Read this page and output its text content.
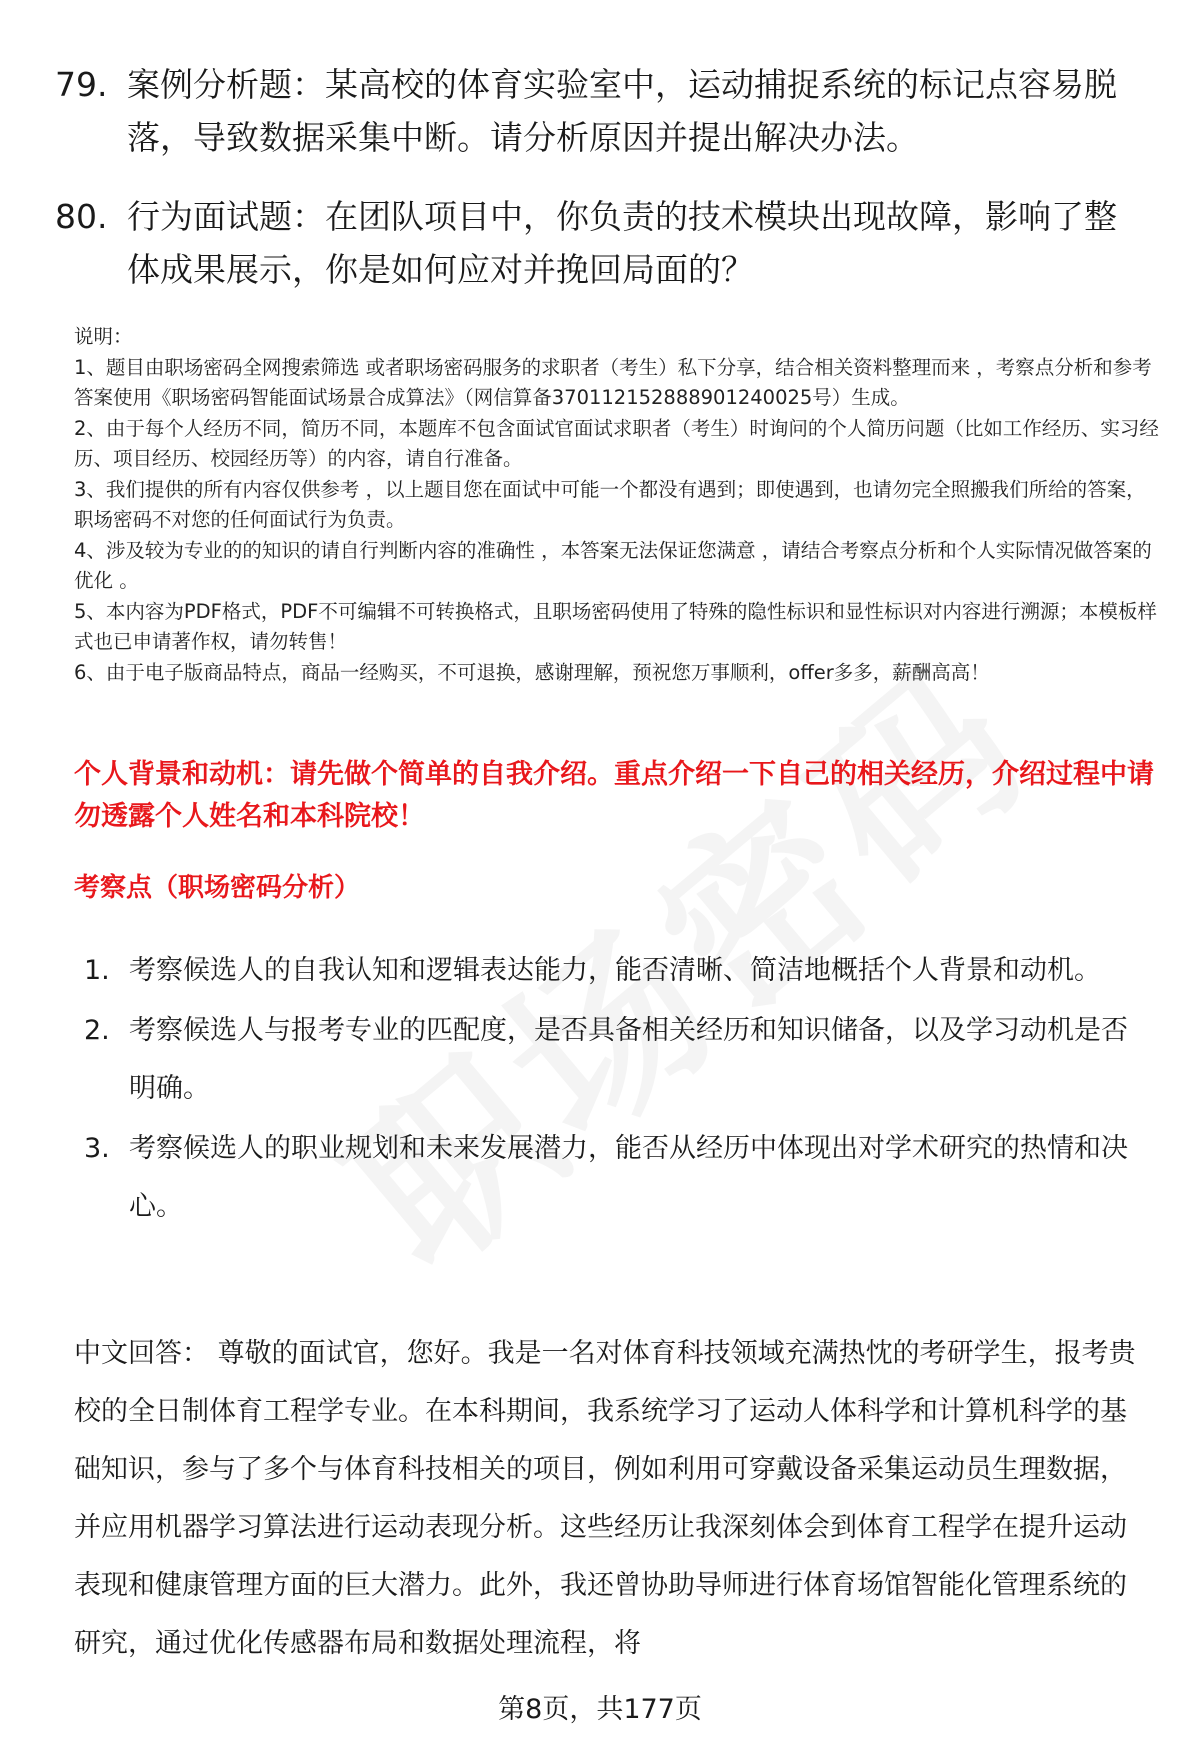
79. 案例分析题：某高校的体育实验室中，运动捕捉系统的标记点容易脱落，导致数据采集中断。请分析原因并提出解决办法。
80. 行为面试题：在团队项目中，你负责的技术模块出现故障，影响了整体成果展示，你是如何应对并挽回局面的？

说明：

1、题目由职场密码全网搜索筛选 或者职场密码服务的求职者（考生）私下分享，结合相关资料整理而来 ，考察点分析和参考答案使用《职场密码智能面试场景合成算法》（网信算备370112152888901240025号）生成。

2、由于每个人经历不同，简历不同，本题库不包含面试官面试求职者（考生）时询问的个人简历问题（比如工作经历、实习经历、项目经历、校园经历等）的内容，请自行准备。

3、我们提供的所有内容仅供参考 ，以上题目您在面试中可能一个都没有遇到；即使遇到，也请勿完全照搬我们所给的答案，职场密码不对您的任何面试行为负责。

4、涉及较为专业的的知识的请自行判断内容的准确性 ，本答案无法保证您满意 ，请结合考察点分析和个人实际情况做答案的优化 。

5、本内容为PDF格式，PDF不可编辑不可转换格式，且职场密码使用了特殊的隐性标识和显性标识对内容进行溯源；本模板样式也已申请著作权，请勿转售！

6、由于电子版商品特点，商品一经购买，不可退换，感谢理解，预祝您万事顺利，offer多多，薪酬高高！

个人背景和动机：请先做个简单的自我介绍。重点介绍一下自己的相关经历，介绍过程中请勿透露个人姓名和本科院校！
考察点（职场密码分析）
1. 考察候选人的自我认知和逻辑表达能力，能否清晰、简洁地概括个人背景和动机。
2. 考察候选人与报考专业的匹配度，是否具备相关经历和知识储备，以及学习动机是否明确。
3. 考察候选人的职业规划和未来发展潜力，能否从经历中体现出对学术研究的热情和决心。
中文回答： 尊敬的面试官，您好。我是一名对体育科技领域充满热忱的考研学生，报考贵校的全日制体育工程学专业。在本科期间，我系统学习了运动人体科学和计算机科学的基础知识，参与了多个与体育科技相关的项目，例如利用可穿戴设备采集运动员生理数据，并应用机器学习算法进行运动表现分析。这些经历让我深刻体会到体育工程学在提升运动表现和健康管理方面的巨大潜力。此外，我还曾协助导师进行体育场馆智能化管理系统的研究，通过优化传感器布局和数据处理流程，将
第8页，共177页
